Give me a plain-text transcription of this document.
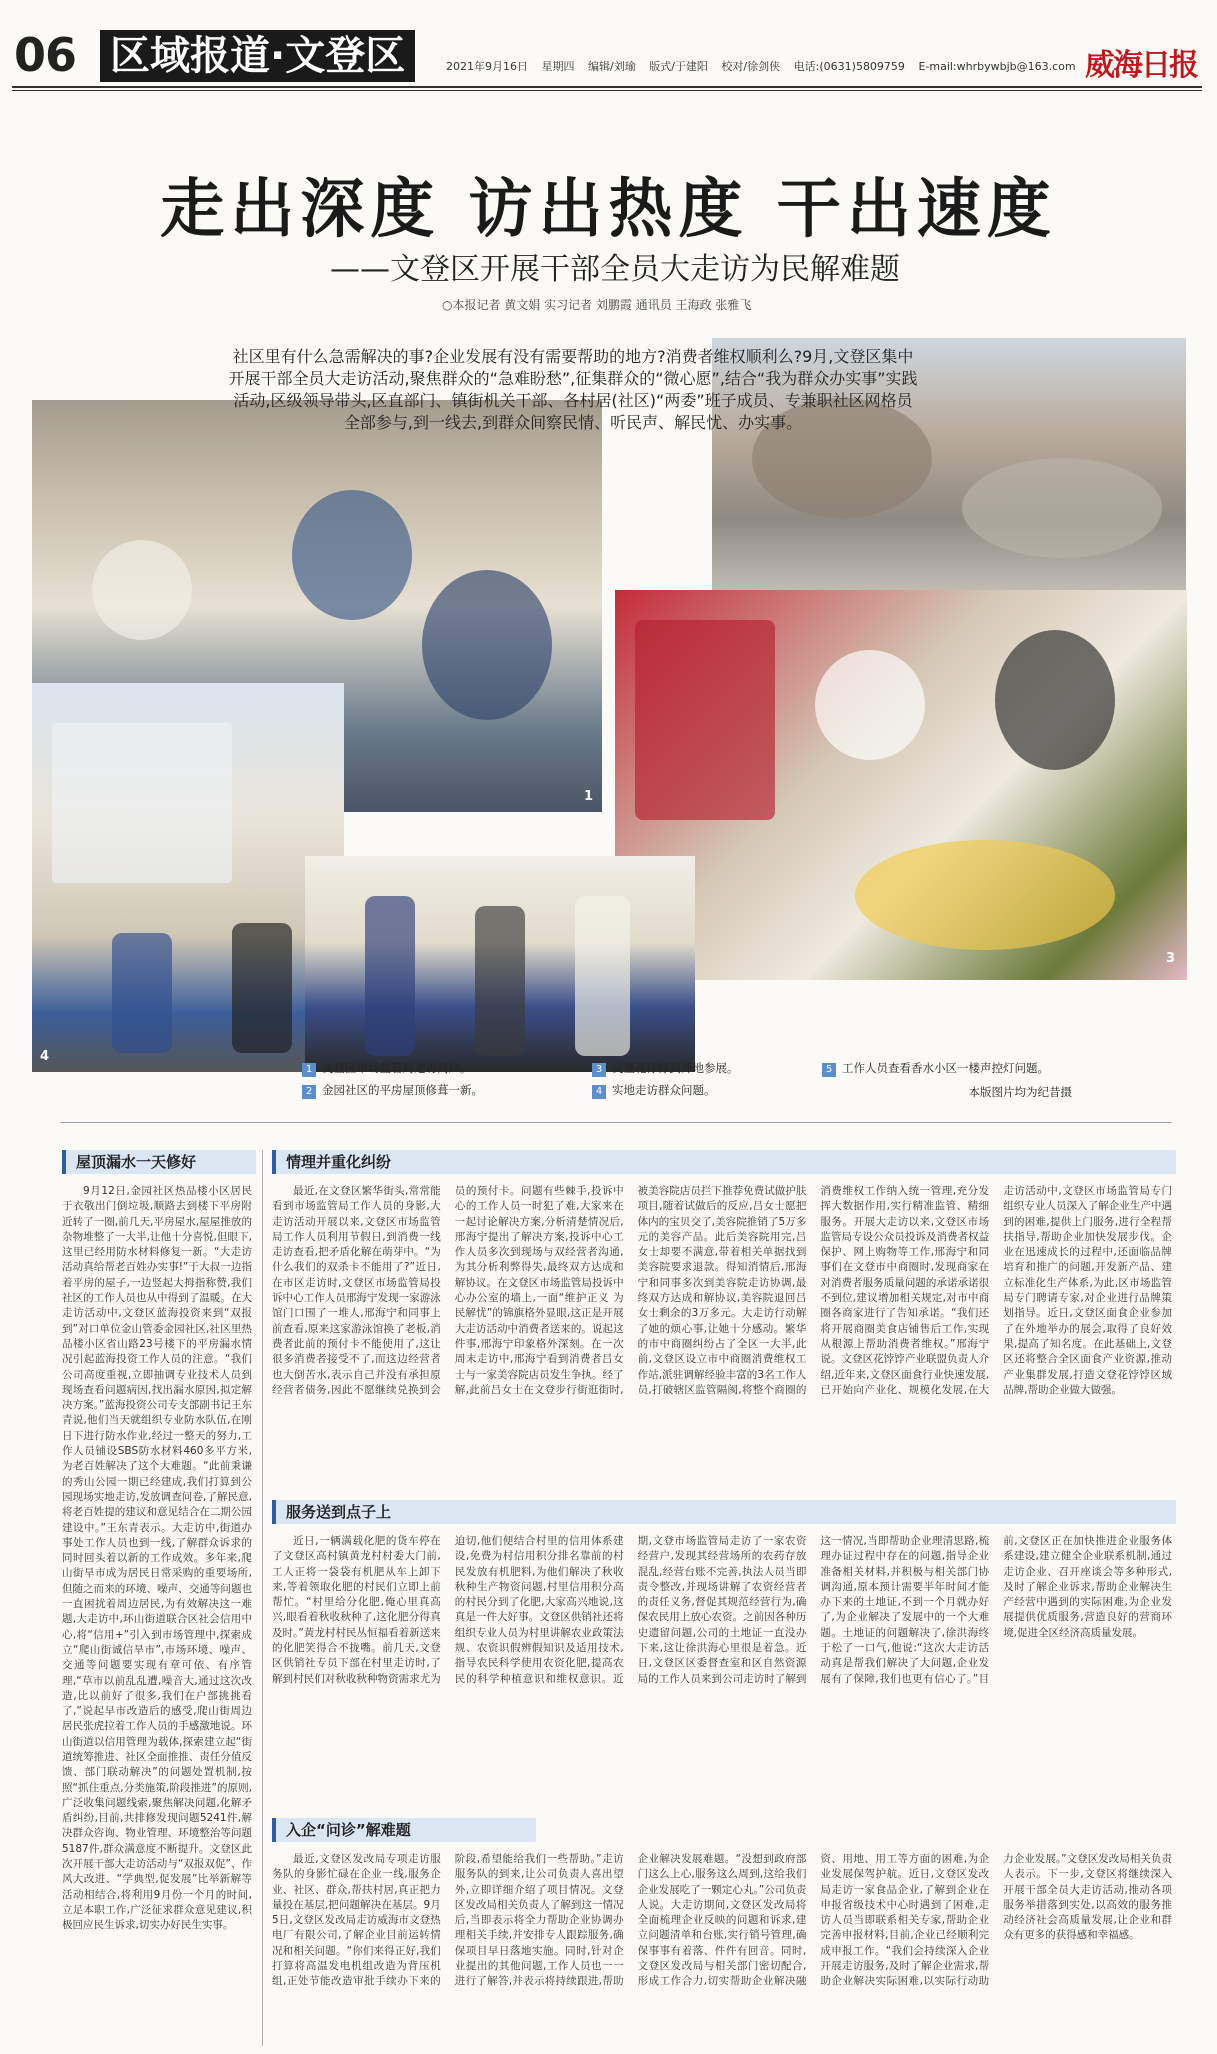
06 区域报道·文登区	2021年9月16日 星期四 编辑/刘瑜 版式/于建阳 校对/徐剑侠 电话:(0631)5809759 E-mail:whrbywbjb@163.com 威海日报
走出深度 访出热度 干出速度
——文登区开展干部全员大走访为民解难题
○本报记者 黄文娟 实习记者 刘鹏霞 通讯员 王海政 张雅飞
3
1
4
社区里有什么急需解决的事?企业发展有没有需要帮助的地方?消费者维权顺利么?9月,文登区集中开展干部全员大走访活动,聚焦群众的“急难盼愁”,征集群众的“微心愿”,结合“我为群众办实事”实践活动,区级领导带头,区直部门、镇街机关干部、各村居(社区)“两委”班子成员、专兼职社区网格员全部参与,到一线去,到群众间察民情、听民声、解民忧、办实事。
1 文登区市场监管局走访商户。
2 金园社区的平房屋顶修葺一新。
3 文登花饽饽到外地参展。
4 实地走访群众问题。
5 工作人员查看香水小区一楼声控灯问题。
本版图片均为纪昔摄
屋顶漏水一天修好
9月12日,金园社区热品楼小区居民于衣敬出门倒垃圾,顺路去到楼下平房附近转了一圈,前几天,平房屋水,屋屋推放的杂物堆整了一大半,让他十分喜悦,但眼下,这里已经用防水材料修复一新。“大走访活动真给帮老百姓办实事!”于大叔一边指着平房的屋子,一边竖起大拇指称赞,我们社区的工作人员也从中得到了温暖。在大走访活动中,文登区蓝海投资来到“双报到”对口单位金山管委金园社区,社区里热品楼小区省山路23号楼下的平房漏水情况引起蓝海投资工作人员的注意。“我们公司高度重视,立即抽调专业技术人员到现场查看问题病因,找出漏水原因,拟定解决方案。”蓝海投资公司专支部副书记王东青说,他们当天就组织专业防水队伍,在刚日下进行防水作业,经过一整天的努力,工作人员铺设SBS防水材料460多平方米,为老百姓解决了这个大难题。“此前秉谦的秀山公园一期已经建成,我们打算到公园现场实地走访,发放调查问卷,了解民意,将老百姓提的建议和意见结合在二期公园建设中。”王东青表示。大走访中,街道办事处工作人员也到一线,了解群众诉求的同时回头着以新的工作成效。多年来,爬山街旱市成为居民日常采购的重要场所,但随之而来的环境、噪声、交通等问题也一直困扰着周边居民,为有效解决这一难题,大走访中,环山街道联合区社会信用中心,将“信用+”引入到市场管理中,探索成立“爬山街诚信旱市”,市场环境、噪声、交通等问题要实现有章可依、有序管理,“草市以前乱乱遭,噪音大,通过这次改造,比以前好了很多,我们在户部挑挑看了,”说起早市改造后的感受,爬山街周边居民张虎拉着工作人员的手感激地说。环山街道以信用管理为载体,探索建立起“街道统筹推进、社区全面推推、责任分值反馈、部门联动解决”的问题处置机制,按照“抓住重点,分类施策,阶段推进”的原则,广泛收集问题线索,聚焦解决问题,化解矛盾纠纷,目前,共排修发现问题5241件,解决群众咨询、物业管理、环境整治等问题5187件,群众满意度不断提升。文登区此次开展干部大走访活动与“双报双促”、作风大改进、“学典型,促发展”比举新解等活动相结合,将利用9月份一个月的时间,立足本职工作,广泛征求群众意见建议,积极回应民生诉求,切实办好民生实事。
情理并重化纠纷
最近,在文登区繁华街头,常常能看到市场监管局工作人员的身影,大走访活动开展以来,文登区市场监管局工作人员利用节假日,到消费一线走访查看,把矛盾化解在萌芽中。“为什么我们的双杀卡不能用了?”近日,在市区走访时,文登区市场监管局投诉中心工作人员邢海宁发现一家游泳馆门口围了一堆人,邢海宁和同事上前查看,原来这家游泳馆换了老板,消费者此前的预付卡不能使用了,这让很多消费者接受不了,而这边经营者也大倒苦水,表示自己并没有承担原经营者债务,因此不愿继续兑换到会员的预付卡。问题有些棘手,投诉中心的工作人员一时犯了难,大家来在一起讨论解决方案,分析清楚情况后,邢海宁提出了解决方案,投诉中心工作人员多次到现场与双经营者沟通,为其分析利弊得失,最终双方达成和解协议。在文登区市场监管局投诉中心办公室的墙上,一面“维护正义 为民解忧”的锦旗格外显眼,这正是开展大走访活动中消费者送来的。说起这件事,邢海宁印象格外深刻。在一次周末走访中,邢海宁看到消费者吕女士与一家美容院店员发生争执。经了解,此前吕女士在文登步行街逛街时,被美容院店员拦下推荐免费试做护肤项目,随着试做后的反应,吕女士愿把体内的宝贝交了,美容院推销了5万多元的美容产品。此后美容院用完,吕女士却要不满意,带着相关单据找到美容院要求退款。得知消情后,邢海宁和同事多次到美容院走访协调,最终双方达成和解协议,美容院退回吕女士剩余的3万多元。大走访行动解了她的烦心事,让她十分感动。繁华的市中商圈纠纷占了全区一大半,此前,文登区设立市中商圈消费维权工作站,派驻调解经验丰富的3名工作人员,打破辖区监管隔阂,将整个商圈的消费维权工作纳入统一管理,充分发挥大数据作用,实行精准监管、精细服务。开展大走访以来,文登区市场监管局专设公众员投诉及消费者权益保护、网上购物等工作,邢海宁和同事们在文登市中商圈时,发现商家在对消费者服务质量问题的承诺承诺很不到位,建议增加相关规定,对市中商圈各商家进行了告知承诺。“我们还将开展商圈美食店铺售后工作,实现从根源上帮助消费者维权。”邢海宁说。文登区花饽饽产业联盟负责人介绍,近年来,文登区面食行业快速发展,已开始向产业化、规模化发展,在大走访活动中,文登区市场监管局专门组织专业人员深入了解企业生产中遇到的困难,提供上门服务,进行全程帮扶指导,帮助企业加快发展步伐。企业在迅速成长的过程中,还面临品牌培育和推广的问题,开发新产品、建立标准化生产体系,为此,区市场监管局专门聘请专家,对企业进行品牌策划指导。近日,文登区面食企业参加了在外地举办的展会,取得了良好效果,提高了知名度。在此基础上,文登区还将整合全区面食产业资源,推动产业集群发展,打造文登花饽饽区域品牌,帮助企业做大做强。
服务送到点子上
近日,一辆满载化肥的货车停在了文登区高村镇黄龙村村委大门前,工人正将一袋袋有机肥从车上卸下来,等着领取化肥的村民们立即上前帮忙。“村里给分化肥,俺心里真高兴,眼看着秋收秋种了,这化肥分得真及时。”黄龙村村民丛恒福看着新送来的化肥笑得合不拢嘴。前几天,文登区供销社专员下部在村里走访时,了解到村民们对秋收秋种物资需求尤为迫切,他们便结合村里的信用体系建设,免费为村信用积分排名靠前的村民发放有机肥料,为他们解决了秋收秋种生产物资问题,村里信用积分高的村民分到了化肥,大家高兴地说,这真是一件大好事。文登区供销社还将组织专业人员为村里讲解农业政策法规、农资识假辨假知识及适用技术,指导农民科学使用农资化肥,提高农民的科学种植意识和维权意识。近期,文登市场监管局走访了一家农资经营户,发现其经营场所的农药存放混乱,经营台账不完善,执法人员当即责令整改,并现场讲解了农资经营者的责任义务,督促其规范经营行为,确保农民用上放心农资。之前因各种历史遗留问题,公司的土地证一直没办下来,这让徐洪海心里很是着急。近日,文登区区委督查室和区自然资源局的工作人员来到公司走访时了解到这一情况,当即帮助企业理清思路,梳理办证过程中存在的问题,指导企业准备相关材料,并积极与相关部门协调沟通,原本预计需要半年时间才能办下来的土地证,不到一个月就办好了,为企业解决了发展中的一个大难题。土地证的问题解决了,徐洪海终于松了一口气,他说:“这次大走访活动真是帮我们解决了大问题,企业发展有了保障,我们也更有信心了。”目前,文登区正在加快推进企业服务体系建设,建立健全企业联系机制,通过走访企业、召开座谈会等多种形式,及时了解企业诉求,帮助企业解决生产经营中遇到的实际困难,为企业发展提供优质服务,营造良好的营商环境,促进全区经济高质量发展。
入企“问诊”解难题
最近,文登区发改局专项走访服务队的身影忙碌在企业一线,服务企业、社区、群众,帮扶村居,真正把力量投在基层,把问题解决在基层。9月5日,文登区发改局走访威海市文登热电厂有限公司,了解企业目前运转情况和相关问题。“你们来得正好,我们打算将高温发电机组改造为背压机组,正处节能改造审批手续办下来的阶段,希望能给我们一些帮助。”走访服务队的到来,让公司负责人喜出望外,立即详细介绍了项目情况。文登区发改局相关负责人了解到这一情况后,当即表示将全力帮助企业协调办理相关手续,并安排专人跟踪服务,确保项目早日落地实施。同时,针对企业提出的其他问题,工作人员也一一进行了解答,并表示将持续跟进,帮助企业解决发展难题。“没想到政府部门这么上心,服务这么周到,这给我们企业发展吃了一颗定心丸。”公司负责人说。大走访期间,文登区发改局将全面梳理企业反映的问题和诉求,建立问题清单和台账,实行销号管理,确保事事有着落、件件有回音。同时,文登区发改局与相关部门密切配合,形成工作合力,切实帮助企业解决融资、用地、用工等方面的困难,为企业发展保驾护航。近日,文登区发改局走访一家食品企业,了解到企业在申报省级技术中心时遇到了困难,走访人员当即联系相关专家,帮助企业完善申报材料,目前,企业已经顺利完成申报工作。“我们会持续深入企业开展走访服务,及时了解企业需求,帮助企业解决实际困难,以实际行动助力企业发展。”文登区发改局相关负责人表示。下一步,文登区将继续深入开展干部全员大走访活动,推动各项服务举措落到实处,以高效的服务推动经济社会高质量发展,让企业和群众有更多的获得感和幸福感。
